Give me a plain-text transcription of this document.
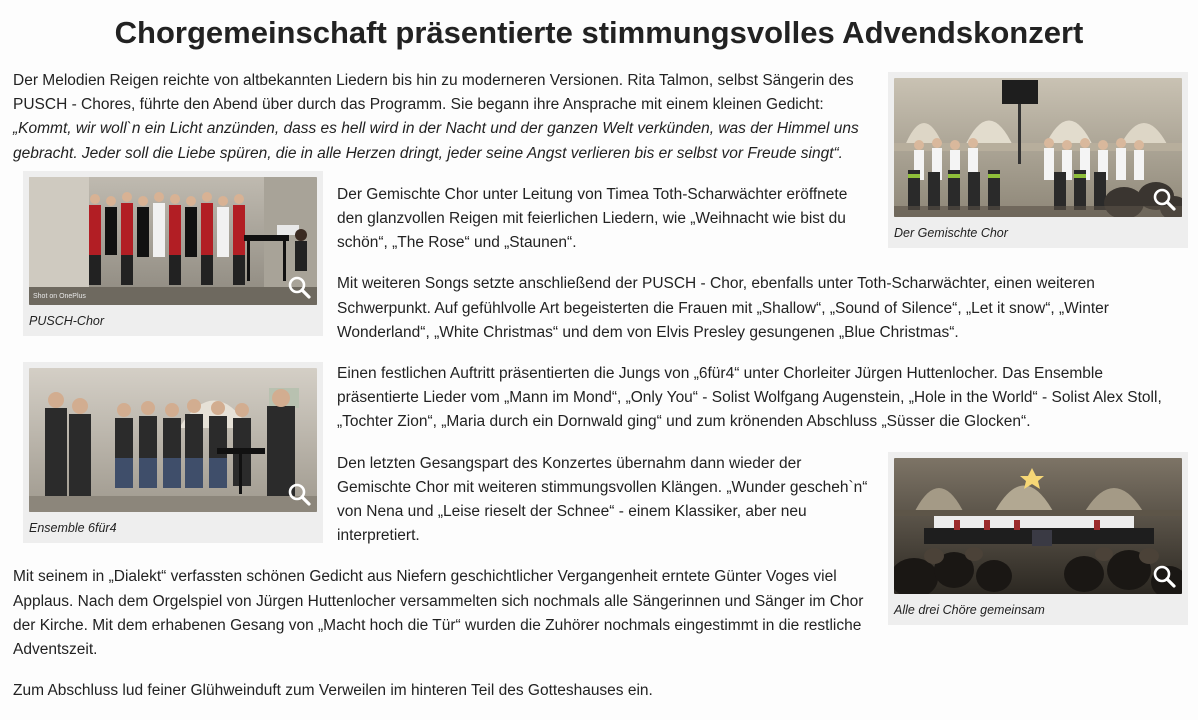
Chorgemeinschaft präsentierte stimmungsvolles Advendskonzert
Der Gemischte Chor

Der Melodien Reigen reichte von altbekannten Liedern bis hin zu moderneren Versionen. Rita Talmon, selbst Sängerin des PUSCH - Chores, führte den Abend über durch das Programm. Sie begann ihre Ansprache mit einem kleinen Gedicht: „Kommt, wir woll`n ein Licht anzünden, dass es hell wird in der Nacht und der ganzen Welt verkünden, was der Himmel uns gebracht. Jeder soll die Liebe spüren, die in alle Herzen dringt, jeder seine Angst verlieren bis er selbst vor Freude singt“.

Shot on OnePlus
PUSCH-Chor

Der Gemischte Chor unter Leitung von Timea Toth-Scharwächter eröffnete den glanzvollen Reigen mit feierlichen Liedern, wie „Weihnacht wie bist du schön“, „The Rose“ und „Staunen“.

Mit weiteren Songs setzte anschließend der PUSCH - Chor, ebenfalls unter Toth-Scharwächter, einen weiteren Schwerpunkt. Auf gefühlvolle Art begeisterten die Frauen mit „Shallow“, „Sound of Silence“, „Let it snow“, „Winter Wonderland“, „White Christmas“ und dem von Elvis Presley gesungenen „Blue Christmas“.

Ensemble 6für4

Einen festlichen Auftritt präsentierten die Jungs von „6für4“ unter Chorleiter Jürgen Huttenlocher. Das Ensemble präsentierte Lieder vom „Mann im Mond“, „Only You“ - Solist Wolfgang Augenstein, „Hole in the World“ - Solist Alex Stoll, „Tochter Zion“, „Maria durch ein Dornwald ging“ und zum krönenden Abschluss „Süsser die Glocken“.

Alle drei Chöre gemeinsam

Den letzten Gesangspart des Konzertes übernahm dann wieder der Gemischte Chor mit weiteren stimmungsvollen Klängen. „Wunder gescheh`n“ von Nena und „Leise rieselt der Schnee“ - einem Klassiker, aber neu interpretiert.

Mit seinem in „Dialekt“ verfassten schönen Gedicht aus Niefern geschichtlicher Vergangenheit erntete Günter Voges viel Applaus. Nach dem Orgelspiel von Jürgen Huttenlocher versammelten sich nochmals alle Sängerinnen und Sänger im Chor der Kirche. Mit dem erhabenen Gesang von „Macht hoch die Tür“ wurden die Zuhörer nochmals eingestimmt in die restliche Adventszeit.

Zum Abschluss lud feiner Glühweinduft zum Verweilen im hinteren Teil des Gotteshauses ein.
